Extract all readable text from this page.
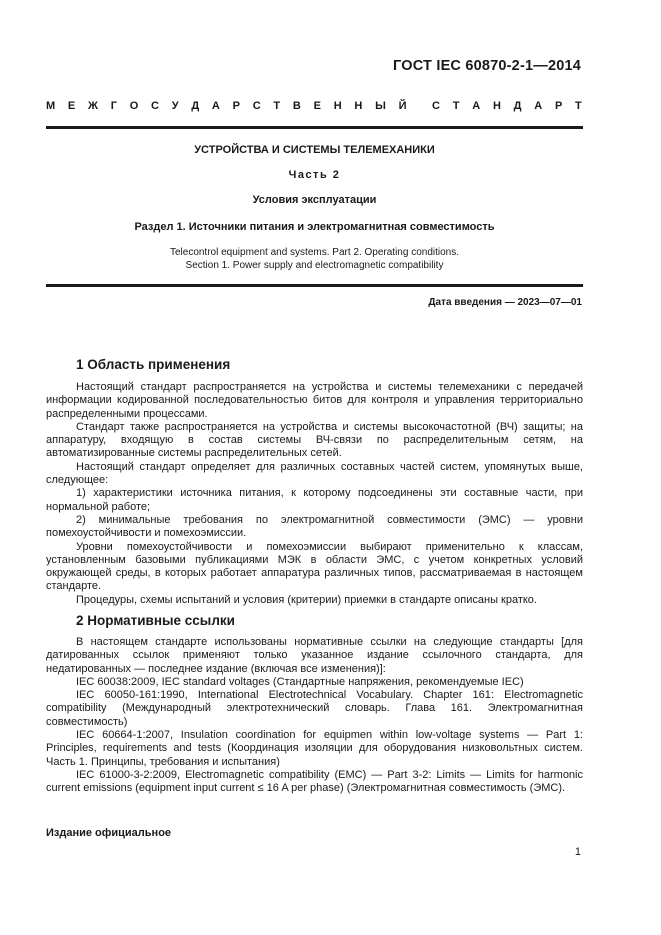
ГОСТ IEC 60870-2-1—2014
М Е Ж Г О С У Д А Р С Т В Е Н Н Ы Й С Т А Н Д А Р Т
УСТРОЙСТВА И СИСТЕМЫ ТЕЛЕМЕХАНИКИ
Часть 2
Условия эксплуатации
Раздел 1. Источники питания и электромагнитная совместимость
Telecontrol equipment and systems. Part 2. Operating conditions.
Section 1. Power supply and electromagnetic compatibility
Дата введения — 2023—07—01
1 Область применения

Настоящий стандарт распространяется на устройства и системы телемеханики с передачей информации кодированной последовательностью битов для контроля и управления территориально распределенными процессами.

Стандарт также распространяется на устройства и системы высокочастотной (ВЧ) защиты; на аппаратуру, входящую в состав системы ВЧ-связи по распределительным сетям, на автоматизированные системы распределительных сетей.

Настоящий стандарт определяет для различных составных частей систем, упомянутых выше, следующее:

1) характеристики источника питания, к которому подсоединены эти составные части, при нормальной работе;

2) минимальные требования по электромагнитной совместимости (ЭМС) — уровни помехоустойчивости и помехоэмиссии.

Уровни помехоустойчивости и помехоэмиссии выбирают применительно к классам, установленным базовыми публикациями МЭК в области ЭМС, с учетом конкретных условий окружающей среды, в которых работает аппаратура различных типов, рассматриваемая в настоящем стандарте.

Процедуры, схемы испытаний и условия (критерии) приемки в стандарте описаны кратко.

2 Нормативные ссылки

В настоящем стандарте использованы нормативные ссылки на следующие стандарты [для датированных ссылок применяют только указанное издание ссылочного стандарта, для недатированных — последнее издание (включая все изменения)]:

IEC 60038:2009, IEC standard voltages (Стандартные напряжения, рекомендуемые IEC)

IEC 60050-161:1990, International Electrotechnical Vocabulary. Chapter 161: Electromagnetic compatibility (Международный электротехнический словарь. Глава 161. Электромагнитная совместимость)

IEC 60664-1:2007, Insulation coordination for equipmen within low-voltage systems — Part 1: Principles, requirements and tests (Координация изоляции для оборудования низковольтных систем. Часть 1. Принципы, требования и испытания)

IEC 61000-3-2:2009, Electromagnetic compatibility (EMC) — Part 3-2: Limits — Limits for harmonic current emissions (equipment input current ≤ 16 A per phase) (Электромагнитная совместимость (ЭМС).

Издание официальное
1
